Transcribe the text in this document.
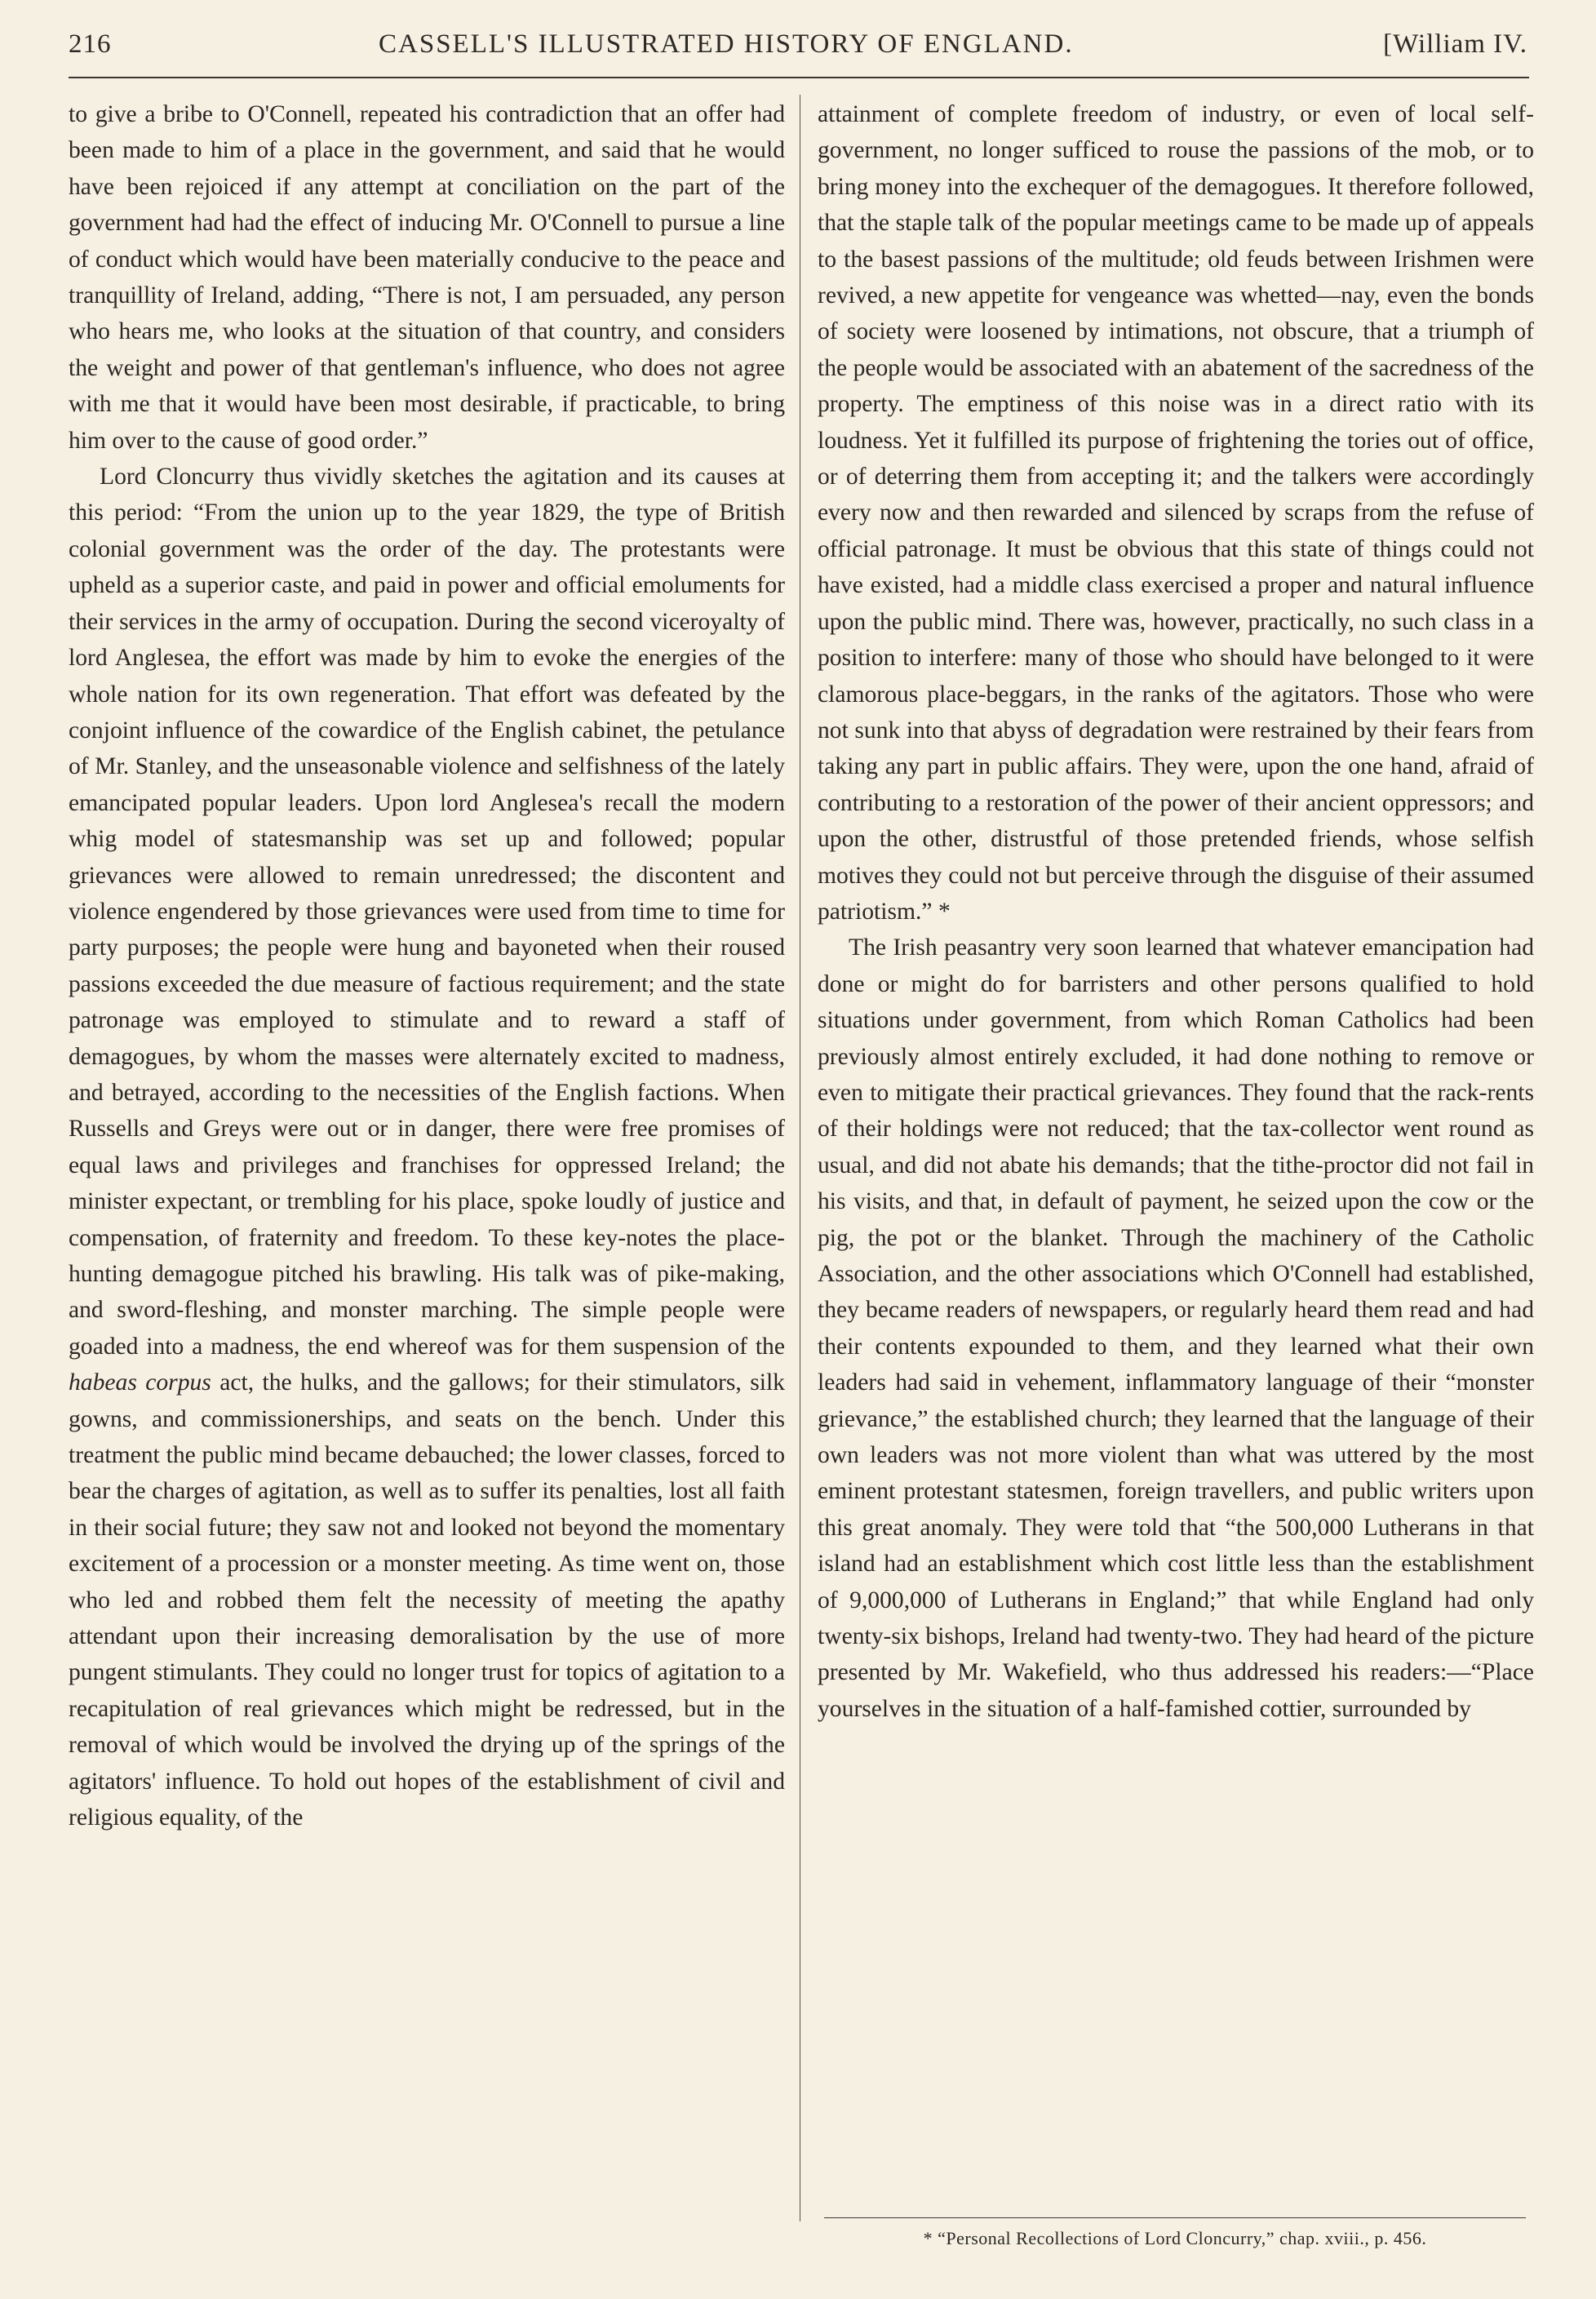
216	CASSELL'S ILLUSTRATED HISTORY OF ENGLAND.	[William IV.

to give a bribe to O'Connell, repeated his contradiction that an offer had been made to him of a place in the government, and said that he would have been rejoiced if any attempt at conciliation on the part of the government had had the effect of inducing Mr. O'Connell to pursue a line of conduct which would have been materially conducive to the peace and tranquillity of Ireland, adding, “There is not, I am persuaded, any person who hears me, who looks at the situation of that country, and considers the weight and power of that gentleman's influence, who does not agree with me that it would have been most desirable, if practicable, to bring him over to the cause of good order.”

Lord Cloncurry thus vividly sketches the agitation and its causes at this period: “From the union up to the year 1829, the type of British colonial government was the order of the day. The protestants were upheld as a superior caste, and paid in power and official emoluments for their services in the army of occupation. During the second viceroyalty of lord Anglesea, the effort was made by him to evoke the energies of the whole nation for its own regeneration. That effort was defeated by the conjoint influence of the cowardice of the English cabinet, the petulance of Mr. Stanley, and the unseasonable violence and selfishness of the lately emancipated popular leaders. Upon lord Anglesea's recall the modern whig model of statesmanship was set up and followed; popular grievances were allowed to remain unredressed; the discontent and violence engendered by those grievances were used from time to time for party purposes; the people were hung and bayoneted when their roused passions exceeded the due measure of factious requirement; and the state patronage was employed to stimulate and to reward a staff of demagogues, by whom the masses were alternately excited to madness, and betrayed, according to the necessities of the English factions. When Russells and Greys were out or in danger, there were free promises of equal laws and privileges and franchises for oppressed Ireland; the minister expectant, or trembling for his place, spoke loudly of justice and compensation, of fraternity and freedom. To these key-notes the place-hunting demagogue pitched his brawling. His talk was of pike-making, and sword-fleshing, and monster marching. The simple people were goaded into a madness, the end whereof was for them suspension of the habeas corpus act, the hulks, and the gallows; for their stimulators, silk gowns, and commissionerships, and seats on the bench. Under this treatment the public mind became debauched; the lower classes, forced to bear the charges of agitation, as well as to suffer its penalties, lost all faith in their social future; they saw not and looked not beyond the momentary excitement of a procession or a monster meeting. As time went on, those who led and robbed them felt the necessity of meeting the apathy attendant upon their increasing demoralisation by the use of more pungent stimulants. They could no longer trust for topics of agitation to a recapitulation of real grievances which might be redressed, but in the removal of which would be involved the drying up of the springs of the agitators' influence. To hold out hopes of the establishment of civil and religious equality, of the

attainment of complete freedom of industry, or even of local self-government, no longer sufficed to rouse the passions of the mob, or to bring money into the exchequer of the demagogues. It therefore followed, that the staple talk of the popular meetings came to be made up of appeals to the basest passions of the multitude; old feuds between Irishmen were revived, a new appetite for vengeance was whetted—nay, even the bonds of society were loosened by intimations, not obscure, that a triumph of the people would be associated with an abatement of the sacredness of the property. The emptiness of this noise was in a direct ratio with its loudness. Yet it fulfilled its purpose of frightening the tories out of office, or of deterring them from accepting it; and the talkers were accordingly every now and then rewarded and silenced by scraps from the refuse of official patronage. It must be obvious that this state of things could not have existed, had a middle class exercised a proper and natural influence upon the public mind. There was, however, practically, no such class in a position to interfere: many of those who should have belonged to it were clamorous place-beggars, in the ranks of the agitators. Those who were not sunk into that abyss of degradation were restrained by their fears from taking any part in public affairs. They were, upon the one hand, afraid of contributing to a restoration of the power of their ancient oppressors; and upon the other, distrustful of those pretended friends, whose selfish motives they could not but perceive through the disguise of their assumed patriotism.” *

The Irish peasantry very soon learned that whatever emancipation had done or might do for barristers and other persons qualified to hold situations under government, from which Roman Catholics had been previously almost entirely excluded, it had done nothing to remove or even to mitigate their practical grievances. They found that the rack-rents of their holdings were not reduced; that the tax-collector went round as usual, and did not abate his demands; that the tithe-proctor did not fail in his visits, and that, in default of payment, he seized upon the cow or the pig, the pot or the blanket. Through the machinery of the Catholic Association, and the other associations which O'Connell had established, they became readers of newspapers, or regularly heard them read and had their contents expounded to them, and they learned what their own leaders had said in vehement, inflammatory language of their “monster grievance,” the established church; they learned that the language of their own leaders was not more violent than what was uttered by the most eminent protestant statesmen, foreign travellers, and public writers upon this great anomaly. They were told that “the 500,000 Lutherans in that island had an establishment which cost little less than the establishment of 9,000,000 of Lutherans in England;” that while England had only twenty-six bishops, Ireland had twenty-two. They had heard of the picture presented by Mr. Wakefield, who thus addressed his readers:—“Place yourselves in the situation of a half-famished cottier, surrounded by

* “Personal Recollections of Lord Cloncurry,” chap. xviii., p. 456.
